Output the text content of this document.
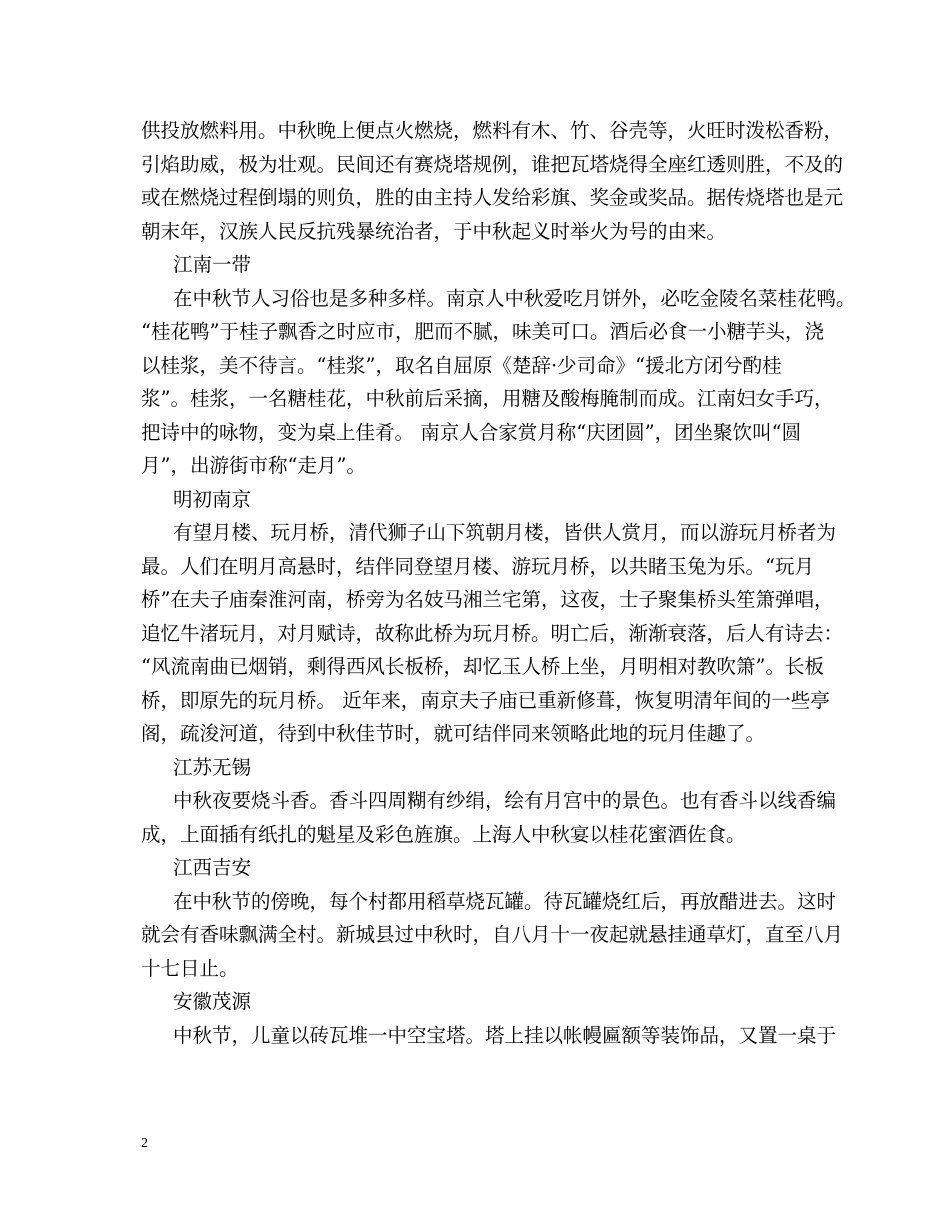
供投放燃料用。中秋晚上便点火燃烧，燃料有木、竹、谷壳等，火旺时泼松香粉，
引焰助威，极为壮观。民间还有赛烧塔规例，谁把瓦塔烧得全座红透则胜，不及的
或在燃烧过程倒塌的则负，胜的由主持人发给彩旗、奖金或奖品。据传烧塔也是元
朝末年，汉族人民反抗残暴统治者，于中秋起义时举火为号的由来。
江南一带
在中秋节人习俗也是多种多样。南京人中秋爱吃月饼外，必吃金陵名菜桂花鸭。
“桂花鸭”于桂子飘香之时应市，肥而不腻，味美可口。酒后必食一小糖芋头，浇
以桂浆，美不待言。“桂浆”，取名自屈原《楚辞·少司命》“援北方闭兮酌桂
浆”。桂浆，一名糖桂花，中秋前后采摘，用糖及酸梅腌制而成。江南妇女手巧，
把诗中的咏物，变为桌上佳肴。 南京人合家赏月称“庆团圆”，团坐聚饮叫“圆
月”，出游街市称“走月”。
明初南京
有望月楼、玩月桥，清代狮子山下筑朝月楼，皆供人赏月，而以游玩月桥者为
最。人们在明月高悬时，结伴同登望月楼、游玩月桥，以共睹玉兔为乐。“玩月
桥”在夫子庙秦淮河南，桥旁为名妓马湘兰宅第，这夜，士子聚集桥头笙箫弹唱，
追忆牛渚玩月，对月赋诗，故称此桥为玩月桥。明亡后，渐渐衰落，后人有诗去：
“风流南曲已烟销，剩得西风长板桥，却忆玉人桥上坐，月明相对教吹箫”。长板
桥，即原先的玩月桥。 近年来，南京夫子庙已重新修葺，恢复明清年间的一些亭
阁，疏浚河道，待到中秋佳节时，就可结伴同来领略此地的玩月佳趣了。
江苏无锡
中秋夜要烧斗香。香斗四周糊有纱绢，绘有月宫中的景色。也有香斗以线香编
成，上面插有纸扎的魁星及彩色旌旗。上海人中秋宴以桂花蜜酒佐食。
江西吉安
在中秋节的傍晚，每个村都用稻草烧瓦罐。待瓦罐烧红后，再放醋进去。这时
就会有香味飘满全村。新城县过中秋时，自八月十一夜起就悬挂通草灯，直至八月
十七日止。
安徽茂源
中秋节，儿童以砖瓦堆一中空宝塔。塔上挂以帐幔匾额等装饰品，又置一桌于
2
